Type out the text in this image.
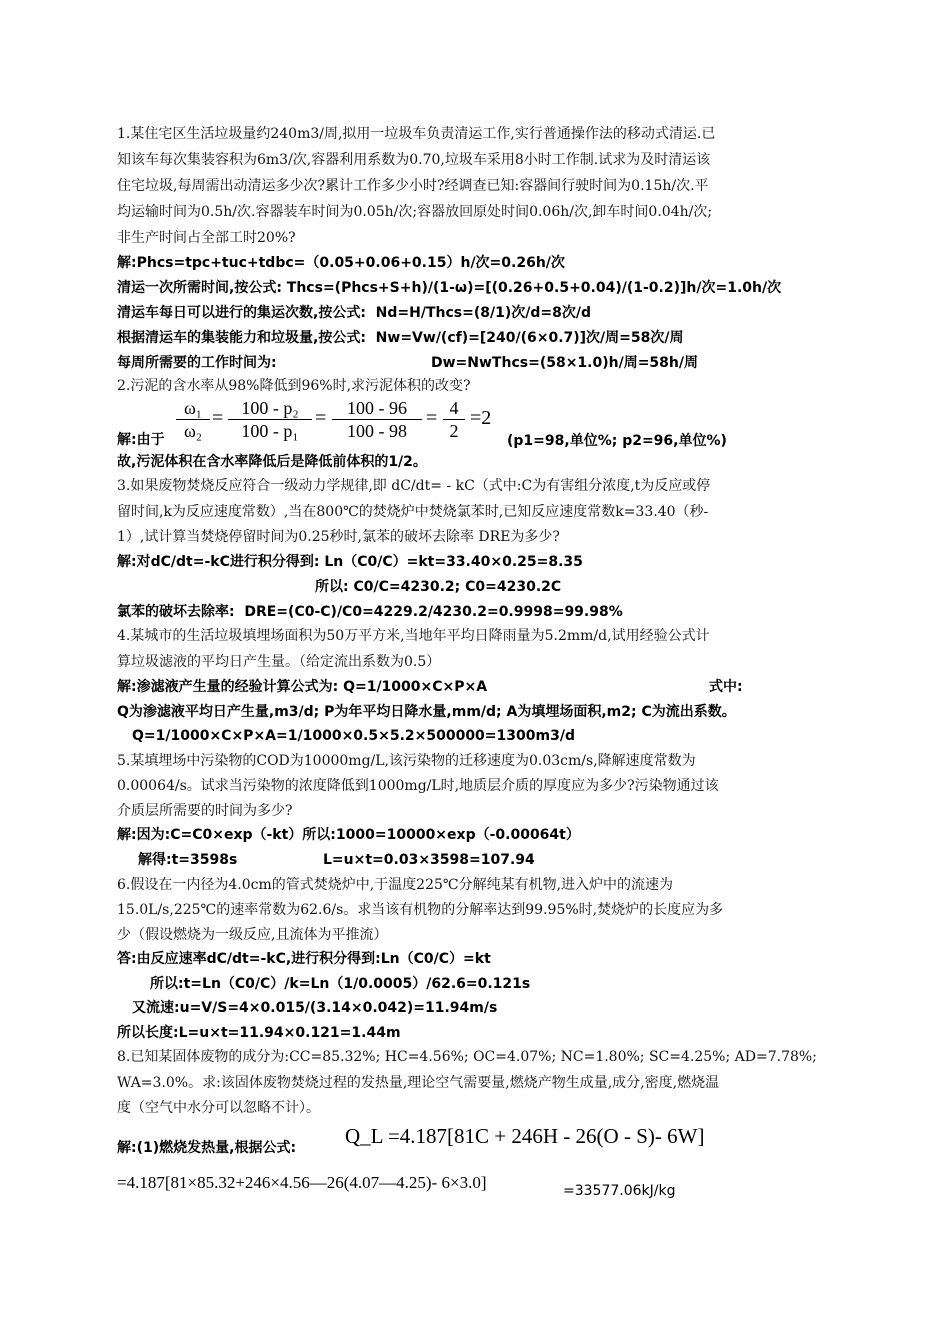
1.某住宅区生活垃圾量约240m3/周,拟用一垃圾车负责清运工作,实行普通操作法的移动式清运.已
知该车每次集装容积为6m3/次,容器利用系数为0.70,垃圾车采用8小时工作制.试求为及时清运该
住宅垃圾,每周需出动清运多少次?累计工作多少小时?经调查已知:容器间行驶时间为0.15h/次.平
均运输时间为0.5h/次.容器装车时间为0.05h/次;容器放回原处时间0.06h/次,卸车时间0.04h/次;
非生产时间占全部工时20%?
解:Phcs=tpc+tuc+tdbc=（0.05+0.06+0.15）h/次=0.26h/次
清运一次所需时间,按公式: Thcs=(Phcs+S+h)/(1-ω)=[(0.26+0.5+0.04)/(1-0.2)]h/次=1.0h/次
清运车每日可以进行的集运次数,按公式:  Nd=H/Thcs=(8/1)次/d=8次/d
根据清运车的集装能力和垃圾量,按公式:  Nw=Vw/(cf)=[240/(6×0.7)]次/周=58次/周
每周所需要的工作时间为:	Dw=NwThcs=(58×1.0)h/周=58h/周
2.污泥的含水率从98%降低到96%时,求污泥体积的改变?
$\frac{\text{ω₁}}{\text{ω₂}} = \frac{\text{100 - p₂}}{\text{100 - p₁}} = \frac{100 - 96}{100 - 98} = \frac{4}{2} =2$
解:由于	(p1=98,单位%; p2=96,单位%)
故,污泥体积在含水率降低后是降低前体积的1/2。
3.如果废物焚烧反应符合一级动力学规律,即 dC/dt= - kC（式中:C为有害组分浓度,t为反应或停
留时间,k为反应速度常数）,当在800℃的焚烧炉中焚烧氯苯时,已知反应速度常数k=33.40（秒-
1）,试计算当焚烧停留时间为0.25秒时,氯苯的破坏去除率 DRE为多少?
解:对dC/dt=-kC进行积分得到: Ln（C0/C）=kt=33.40×0.25=8.35
所以: C0/C=4230.2; C0=4230.2C
氯苯的破坏去除率:  DRE=(C0-C)/C0=4229.2/4230.2=0.9998=99.98%
4.某城市的生活垃圾填埋场面积为50万平方米,当地年平均日降雨量为5.2mm/d,试用经验公式计
算垃圾滤液的平均日产生量。（给定流出系数为0.5）
解:渗滤液产生量的经验计算公式为: Q=1/1000×C×P×A	式中:
Q为渗滤液平均日产生量,m3/d; P为年平均日降水量,mm/d; A为填埋场面积,m2; C为流出系数。
Q=1/1000×C×P×A=1/1000×0.5×5.2×500000=1300m3/d
5.某填埋场中污染物的COD为10000mg/L,该污染物的迁移速度为0.03cm/s,降解速度常数为
0.00064/s。试求当污染物的浓度降低到1000mg/L时,地质层介质的厚度应为多少?污染物通过该
介质层所需要的时间为多少?
解:因为:C=C0×exp（-kt）所以:1000=10000×exp（-0.00064t）
解得:t=3598s	L=u×t=0.03×3598=107.94
6.假设在一内径为4.0cm的管式焚烧炉中,于温度225℃分解纯某有机物,进入炉中的流速为
15.0L/s,225℃的速率常数为62.6/s。求当该有机物的分解率达到99.95%时,焚烧炉的长度应为多
少（假设燃烧为一级反应,且流体为平推流）
答:由反应速率dC/dt=-kC,进行积分得到:Ln（C0/C）=kt
所以:t=Ln（C0/C）/k=Ln（1/0.0005）/62.6=0.121s
又流速:u=V/S=4×0.015/(3.14×0.042)=11.94m/s
所以长度:L=u×t=11.94×0.121=1.44m
8.已知某固体废物的成分为:CC=85.32%; HC=4.56%; OC=4.07%; NC=1.80%; SC=4.25%; AD=7.78%;
WA=3.0%。求:该固体废物焚烧过程的发热量,理论空气需要量,燃烧产物生成量,成分,密度,燃烧温
度（空气中水分可以忽略不计）。
解:(1)燃烧发热量,根据公式: Q_L =4.187[81C + 246H - 26(O - S)- 6W]
=4.187[81×85.32+246×4.56—26(4.07—4.25)- 6×3.0]	=33577.06kJ/kg
